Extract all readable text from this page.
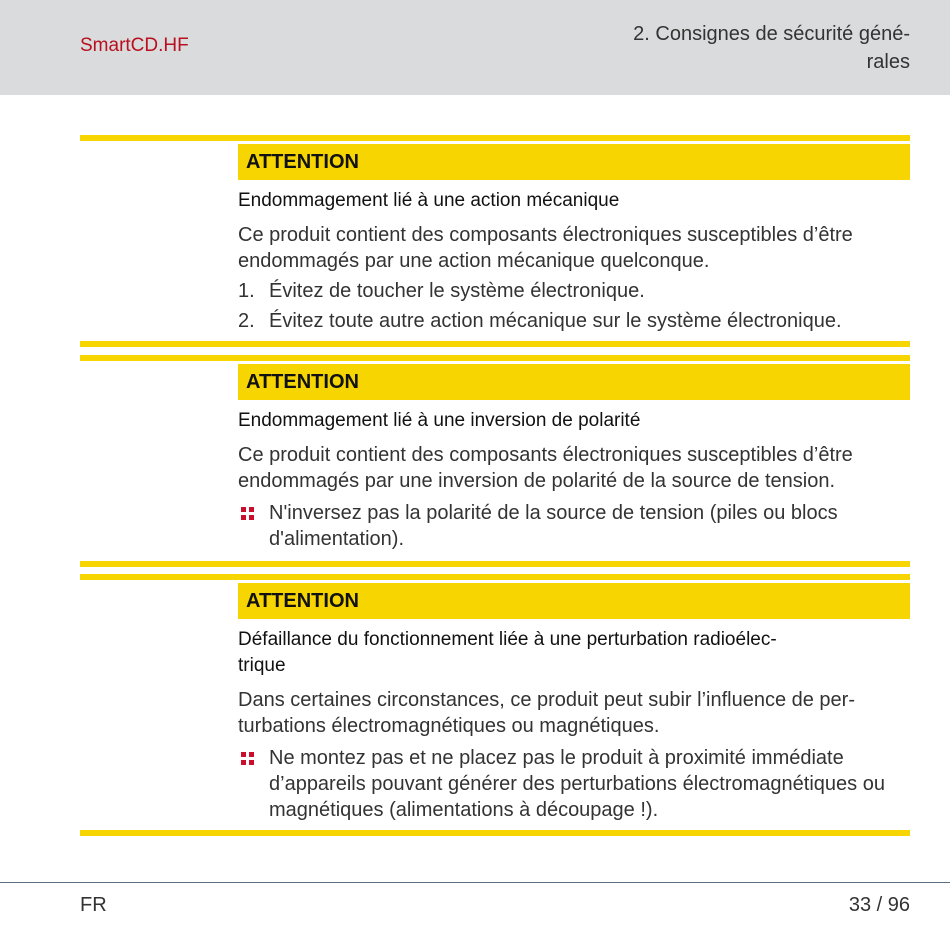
SmartCD.HF
2. Consignes de sécurité géné-
rales
ATTENTION

Endommagement lié à une action mécanique

Ce produit contient des composants électroniques susceptibles d’être endommagés par une action mécanique quelconque.

1. Évitez de toucher le système électronique.
2. Évitez toute autre action mécanique sur le système électronique.
ATTENTION

Endommagement lié à une inversion de polarité

Ce produit contient des composants électroniques susceptibles d’être endommagés par une inversion de polarité de la source de tension.

N'inversez pas la polarité de la source de tension (piles ou blocs d'alimentation).
ATTENTION

Défaillance du fonctionnement liée à une perturbation radioélec-
trique

Dans certaines circonstances, ce produit peut subir l’influence de per-
turbations électromagnétiques ou magnétiques.

Ne montez pas et ne placez pas le produit à proximité immédiate d’appareils pouvant générer des perturbations électromagnétiques ou magnétiques (alimentations à découpage !).
FR	33 / 96
